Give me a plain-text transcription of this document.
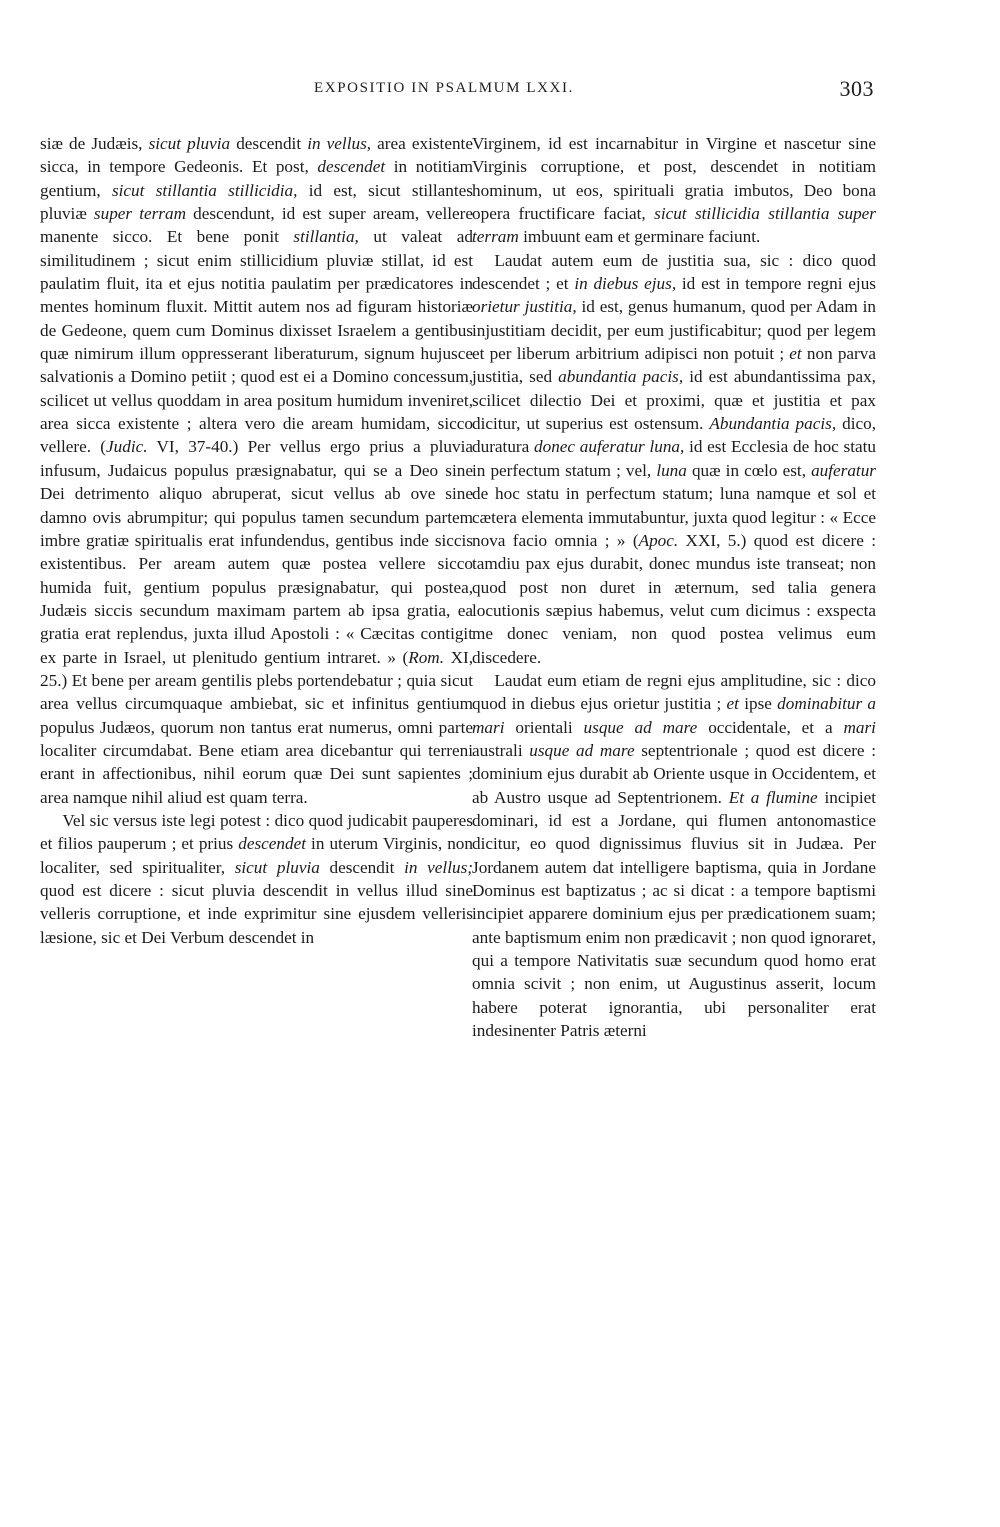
EXPOSITIO IN PSALMUM LXXI.	303

siæ de Judæis, sicut pluvia descendit in vellus, area existente sicca, in tempore Gedeonis. Et post, descendet in notitiam gentium, sicut stillantia stillicidia, id est, sicut stillantes pluviæ super terram descendunt, id est super aream, vellere manente sicco. Et bene ponit stillantia, ut valeat ad similitudinem ; sicut enim stillicidium pluviæ stillat, id est paulatim fluit, ita et ejus notitia paulatim per prædicatores in mentes hominum fluxit. Mittit autem nos ad figuram historiæ de Gedeone, quem cum Dominus dixisset Israelem a gentibus quæ nimirum illum oppresserant liberaturum, signum hujusce salvationis a Domino petiit ; quod est ei a Domino concessum, scilicet ut vellus quoddam in area positum humidum inveniret, area sicca existente ; altera vero die aream humidam, sicco vellere. (Judic. VI, 37-40.) Per vellus ergo prius a pluvia infusum, Judaicus populus præsignabatur, qui se a Deo sine Dei detrimento aliquo abruperat, sicut vellus ab ove sine damno ovis abrumpitur; qui populus tamen secundum partem imbre gratiæ spiritualis erat infundendus, gentibus inde siccis existentibus. Per aream autem quæ postea vellere sicco humida fuit, gentium populus præsignabatur, qui postea, Judæis siccis secundum maximam partem ab ipsa gratia, ea gratia erat replendus, juxta illud Apostoli : « Cæcitas contigit ex parte in Israel, ut plenitudo gentium intraret. » (Rom. XI, 25.) Et bene per aream gentilis plebs portendebatur ; quia sicut area vellus circumquaque ambiebat, sic et infinitus gentium populus Judæos, quorum non tantus erat numerus, omni parte localiter circumdabat. Bene etiam area dicebantur qui terreni erant in affectionibus, nihil eorum quæ Dei sunt sapientes ; area namque nihil aliud est quam terra.

Vel sic versus iste legi potest : dico quod judicabit pauperes et filios pauperum ; et prius descendet in uterum Virginis, non localiter, sed spiritualiter, sicut pluvia descendit in vellus; quod est dicere : sicut pluvia descendit in vellus illud sine velleris corruptione, et inde exprimitur sine ejusdem velleris læsione, sic et Dei Verbum descendet in

Virginem, id est incarnabitur in Virgine et nascetur sine Virginis corruptione, et post, descendet in notitiam hominum, ut eos, spirituali gratia imbutos, Deo bona opera fructificare faciat, sicut stillicidia stillantia super terram imbuunt eam et germinare faciunt.

Laudat autem eum de justitia sua, sic : dico quod descendet ; et in diebus ejus, id est in tempore regni ejus orietur justitia, id est, genus humanum, quod per Adam in injustitiam decidit, per eum justificabitur; quod per legem et per liberum arbitrium adipisci non potuit ; et non parva justitia, sed abundantia pacis, id est abundantissima pax, scilicet dilectio Dei et proximi, quæ et justitia et pax dicitur, ut superius est ostensum. Abundantia pacis, dico, duratura donec auferatur luna, id est Ecclesia de hoc statu in perfectum statum ; vel, luna quæ in cœlo est, auferatur de hoc statu in perfectum statum; luna namque et sol et cætera elementa immutabuntur, juxta quod legitur : « Ecce nova facio omnia ; » (Apoc. XXI, 5.) quod est dicere : tamdiu pax ejus durabit, donec mundus iste transeat; non quod post non duret in æternum, sed talia genera locutionis sæpius habemus, velut cum dicimus : exspecta me donec veniam, non quod postea velimus eum discedere.

Laudat eum etiam de regni ejus amplitudine, sic : dico quod in diebus ejus orietur justitia ; et ipse dominabitur a mari orientali usque ad mare occidentale, et a mari australi usque ad mare septentrionale ; quod est dicere : dominium ejus durabit ab Oriente usque in Occidentem, et ab Austro usque ad Septentrionem. Et a flumine incipiet dominari, id est a Jordane, qui flumen antonomastice dicitur, eo quod dignissimus fluvius sit in Judæa. Per Jordanem autem dat intelligere baptisma, quia in Jordane Dominus est baptizatus ; ac si dicat : a tempore baptismi incipiet apparere dominium ejus per prædicationem suam; ante baptismum enim non prædicavit ; non quod ignoraret, qui a tempore Nativitatis suæ secundum quod homo erat omnia scivit ; non enim, ut Augustinus asserit, locum habere poterat ignorantia, ubi personaliter erat indesinenter Patris æterni
